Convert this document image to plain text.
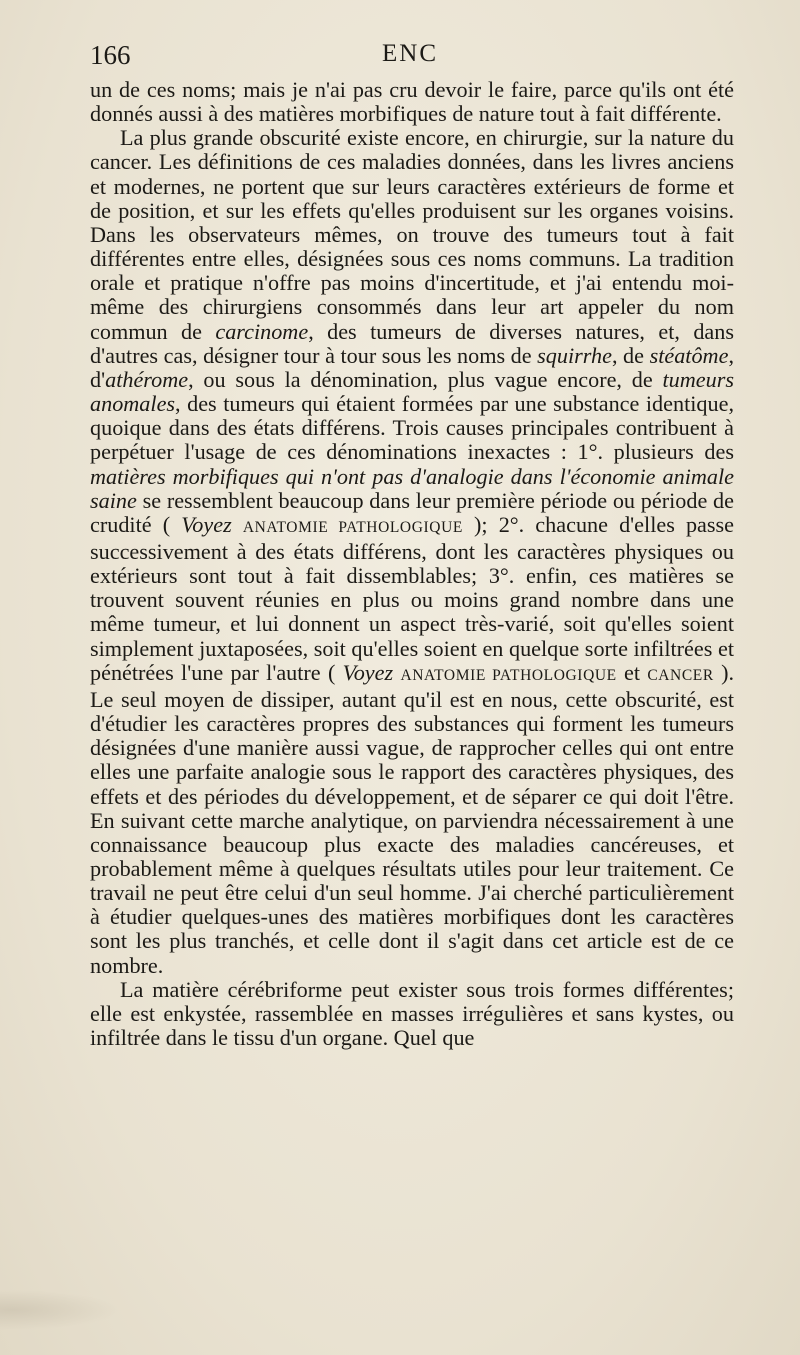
166	ENC

un de ces noms; mais je n'ai pas cru devoir le faire, parce qu'ils ont été donnés aussi à des matières morbifiques de nature tout à fait différente.

La plus grande obscurité existe encore, en chirurgie, sur la nature du cancer. Les définitions de ces maladies données, dans les livres anciens et modernes, ne portent que sur leurs caractères extérieurs de forme et de position, et sur les effets qu'elles produisent sur les organes voisins. Dans les observateurs mêmes, on trouve des tumeurs tout à fait différentes entre elles, désignées sous ces noms communs. La tradition orale et pratique n'offre pas moins d'incertitude, et j'ai entendu moi-même des chirurgiens consommés dans leur art appeler du nom commun de carcinome, des tumeurs de diverses natures, et, dans d'autres cas, désigner tour à tour sous les noms de squirrhe, de stéatôme, d'athérome, ou sous la dénomination, plus vague encore, de tumeurs anomales, des tumeurs qui étaient formées par une substance identique, quoique dans des états différens. Trois causes principales contribuent à perpétuer l'usage de ces dénominations inexactes : 1°. plusieurs des matières morbifiques qui n'ont pas d'analogie dans l'économie animale saine se ressemblent beaucoup dans leur première période ou période de crudité ( Voyez ANATOMIE PATHOLOGIQUE ); 2°. chacune d'elles passe successivement à des états différens, dont les caractères physiques ou extérieurs sont tout à fait dissemblables; 3°. enfin, ces matières se trouvent souvent réunies en plus ou moins grand nombre dans une même tumeur, et lui donnent un aspect très-varié, soit qu'elles soient simplement juxtaposées, soit qu'elles soient en quelque sorte infiltrées et pénétrées l'une par l'autre ( Voyez ANATOMIE PATHOLOGIQUE et CANCER ). Le seul moyen de dissiper, autant qu'il est en nous, cette obscurité, est d'étudier les caractères propres des substances qui forment les tumeurs désignées d'une manière aussi vague, de rapprocher celles qui ont entre elles une parfaite analogie sous le rapport des caractères physiques, des effets et des périodes du développement, et de séparer ce qui doit l'être. En suivant cette marche analytique, on parviendra nécessairement à une connaissance beaucoup plus exacte des maladies cancéreuses, et probablement même à quelques résultats utiles pour leur traitement. Ce travail ne peut être celui d'un seul homme. J'ai cherché particulièrement à étudier quelques-unes des matières morbifiques dont les caractères sont les plus tranchés, et celle dont il s'agit dans cet article est de ce nombre.

La matière cérébriforme peut exister sous trois formes différentes; elle est enkystée, rassemblée en masses irrégulières et sans kystes, ou infiltrée dans le tissu d'un organe. Quel que
